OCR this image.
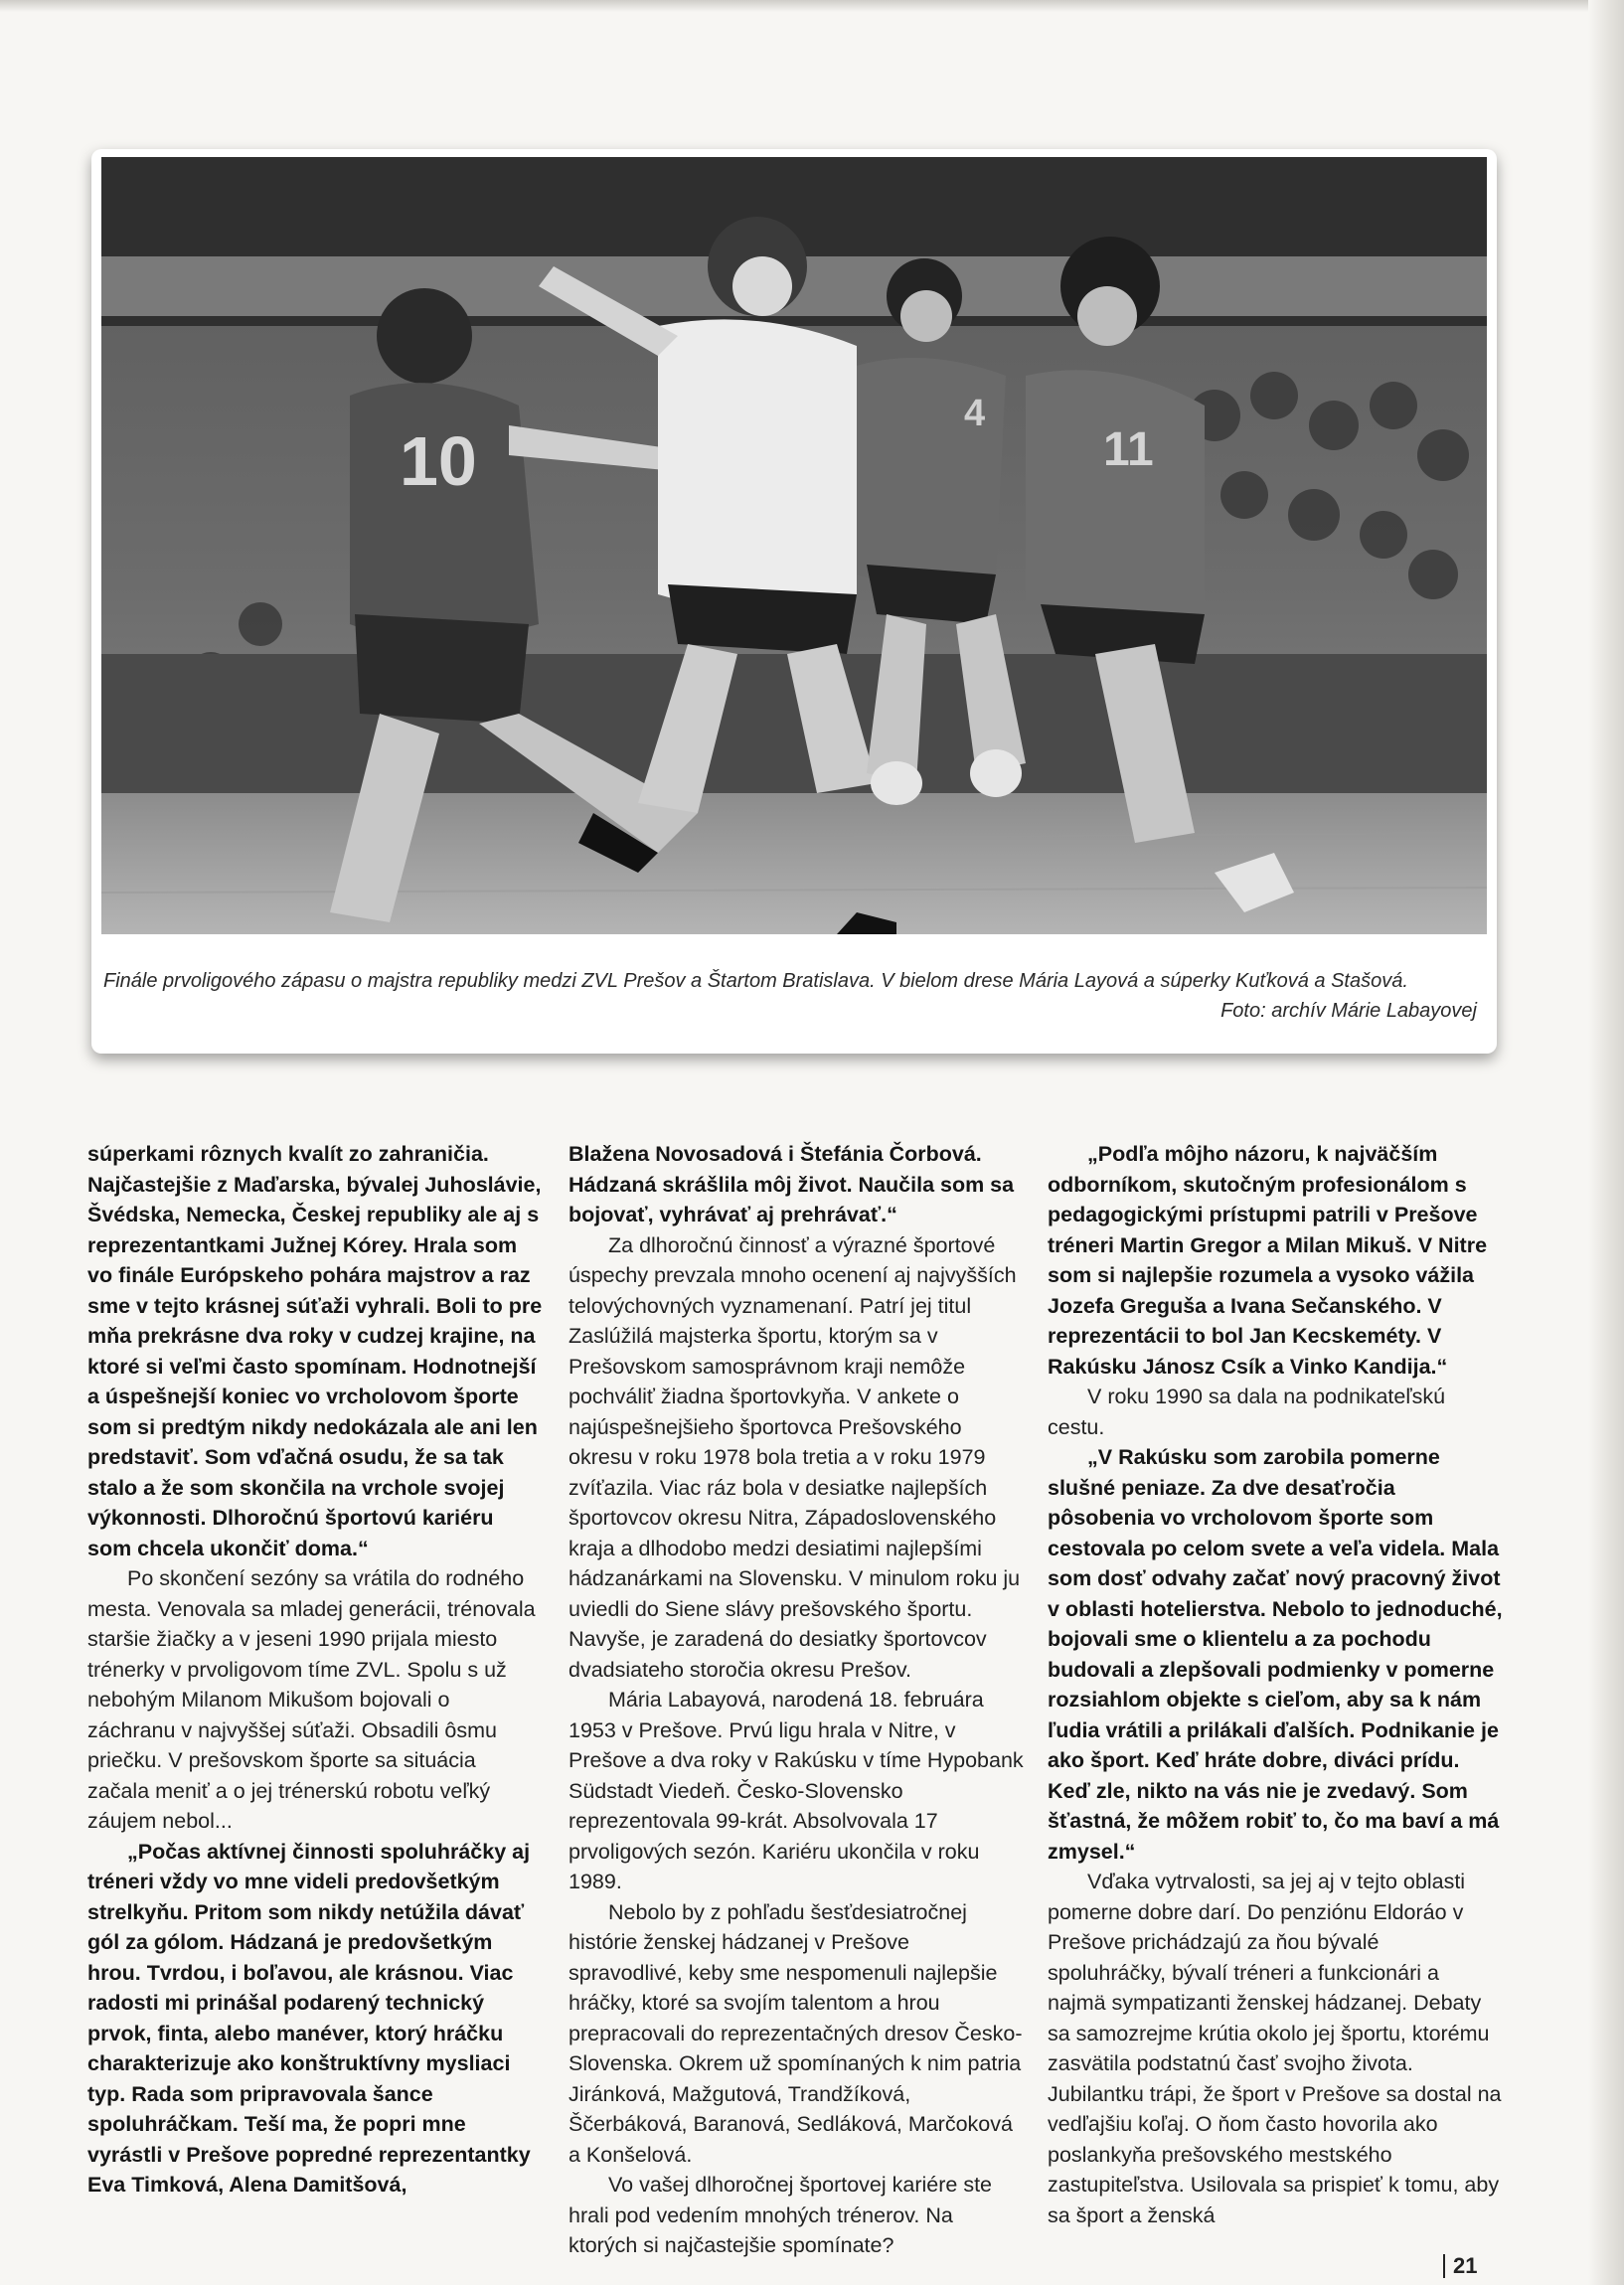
10
4
11
Finále prvoligového zápasu o majstra republiky medzi ZVL Prešov a Štartom Bratislava. V bielom drese Mária Layová a súperky Kuťková a Stašová.
Foto: archív Márie Labayovej

súperkami rôznych kvalít zo zahraničia. Najčastejšie z Maďarska, bývalej Juhoslávie, Švédska, Nemecka, Českej republiky ale aj s reprezentantkami Južnej Kórey. Hrala som vo finále Európskeho pohára majstrov a raz sme v tejto krásnej súťaži vyhrali. Boli to pre mňa prekrásne dva roky v cudzej krajine, na ktoré si veľmi často spomínam. Hodnotnejší a úspešnejší koniec vo vrcholovom športe som si predtým nikdy nedokázala ale ani len predstaviť. Som vďačná osudu, že sa tak stalo a že som skončila na vrchole svojej výkonnosti. Dlhoročnú športovú kariéru som chcela ukončiť doma.“

Po skončení sezóny sa vrátila do rodného mesta. Venovala sa mladej generácii, trénovala staršie žiačky a v jeseni 1990 prijala miesto trénerky v prvoligovom tíme ZVL. Spolu s už nebohým Milanom Mikušom bojovali o záchranu v najvyššej súťaži. Obsadili ôsmu priečku. V prešovskom športe sa situácia začala meniť a o jej trénerskú robotu veľký záujem nebol...

„Počas aktívnej činnosti spoluhráčky aj tréneri vždy vo mne videli predovšetkým strelkyňu. Pritom som nikdy netúžila dávať gól za gólom. Hádzaná je predovšetkým hrou. Tvrdou, i boľavou, ale krásnou. Viac radosti mi prinášal podarený technický prvok, finta, alebo manéver, ktorý hráčku charakterizuje ako konštruktívny mysliaci typ. Rada som pripravovala šance spoluhráčkam. Teší ma, že popri mne vyrástli v Prešove popredné reprezentantky Eva Timková, Alena Damitšová,

Blažena Novosadová i Štefánia Čorbová. Hádzaná skrášlila môj život. Naučila som sa bojovať, vyhrávať aj prehrávať.“

Za dlhoročnú činnosť a výrazné športové úspechy prevzala mnoho ocenení aj najvyšších telovýchovných vyznamenaní. Patrí jej titul Zaslúžilá majsterka športu, ktorým sa v Prešovskom samosprávnom kraji nemôže pochváliť žiadna športovkyňa. V ankete o najúspešnejšieho športovca Prešovského okresu v roku 1978 bola tretia a v roku 1979 zvíťazila. Viac ráz bola v desiatke najlepších športovcov okresu Nitra, Západoslovenského kraja a dlhodobo medzi desiatimi najlepšími hádzanárkami na Slovensku. V minulom roku ju uviedli do Siene slávy prešovského športu. Navyše, je zaradená do desiatky športovcov dvadsiateho storočia okresu Prešov.

Mária Labayová, narodená 18. februára 1953 v Prešove. Prvú ligu hrala v Nitre, v Prešove a dva roky v Rakúsku v tíme Hypobank Südstadt Viedeň. Česko-Slovensko reprezentovala 99-krát. Absolvovala 17 prvoligových sezón. Kariéru ukončila v roku 1989.

Nebolo by z pohľadu šesťdesiatročnej histórie ženskej hádzanej v Prešove spravodlivé, keby sme nespomenuli najlepšie hráčky, ktoré sa svojím talentom a hrou prepracovali do reprezentačných dresov Česko-Slovenska. Okrem už spomínaných k nim patria Jiránková, Mažgutová, Trandžíková, Ščerbáková, Baranová, Sedláková, Marčoková a Konšelová.

Vo vašej dlhoročnej športovej kariére ste hrali pod vedením mnohých trénerov. Na ktorých si najčastejšie spomínate?

„Podľa môjho názoru, k najväčším odborníkom, skutočným profesionálom s pedagogickými prístupmi patrili v Prešove tréneri Martin Gregor a Milan Mikuš. V Nitre som si najlepšie rozumela a vysoko vážila Jozefa Greguša a Ivana Sečanského. V reprezentácii to bol Jan Kecskeméty. V Rakúsku Jánosz Csík a Vinko Kandija.“

V roku 1990 sa dala na podnikateľskú cestu.

„V Rakúsku som zarobila pomerne slušné peniaze. Za dve desaťročia pôsobenia vo vrcholovom športe som cestovala po celom svete a veľa videla. Mala som dosť odvahy začať nový pracovný život v oblasti hotelierstva. Nebolo to jednoduché, bojovali sme o klientelu a za pochodu budovali a zlepšovali podmienky v pomerne rozsiahlom objekte s cieľom, aby sa k nám ľudia vrátili a prilákali ďalších. Podnikanie je ako šport. Keď hráte dobre, diváci prídu. Keď zle, nikto na vás nie je zvedavý. Som šťastná, že môžem robiť to, čo ma baví a má zmysel.“

Vďaka vytrvalosti, sa jej aj v tejto oblasti pomerne dobre darí. Do penziónu Eldoráo v Prešove prichádzajú za ňou bývalé spoluhráčky, bývalí tréneri a funkcionári a najmä sympatizanti ženskej hádzanej. Debaty sa samozrejme krútia okolo jej športu, ktorému zasvätila podstatnú časť svojho života. Jubilantku trápi, že šport v Prešove sa dostal na vedľajšiu koľaj. O ňom často hovorila ako poslankyňa prešovského mestského zastupiteľstva. Usilovala sa prispieť k tomu, aby sa šport a ženská

21
